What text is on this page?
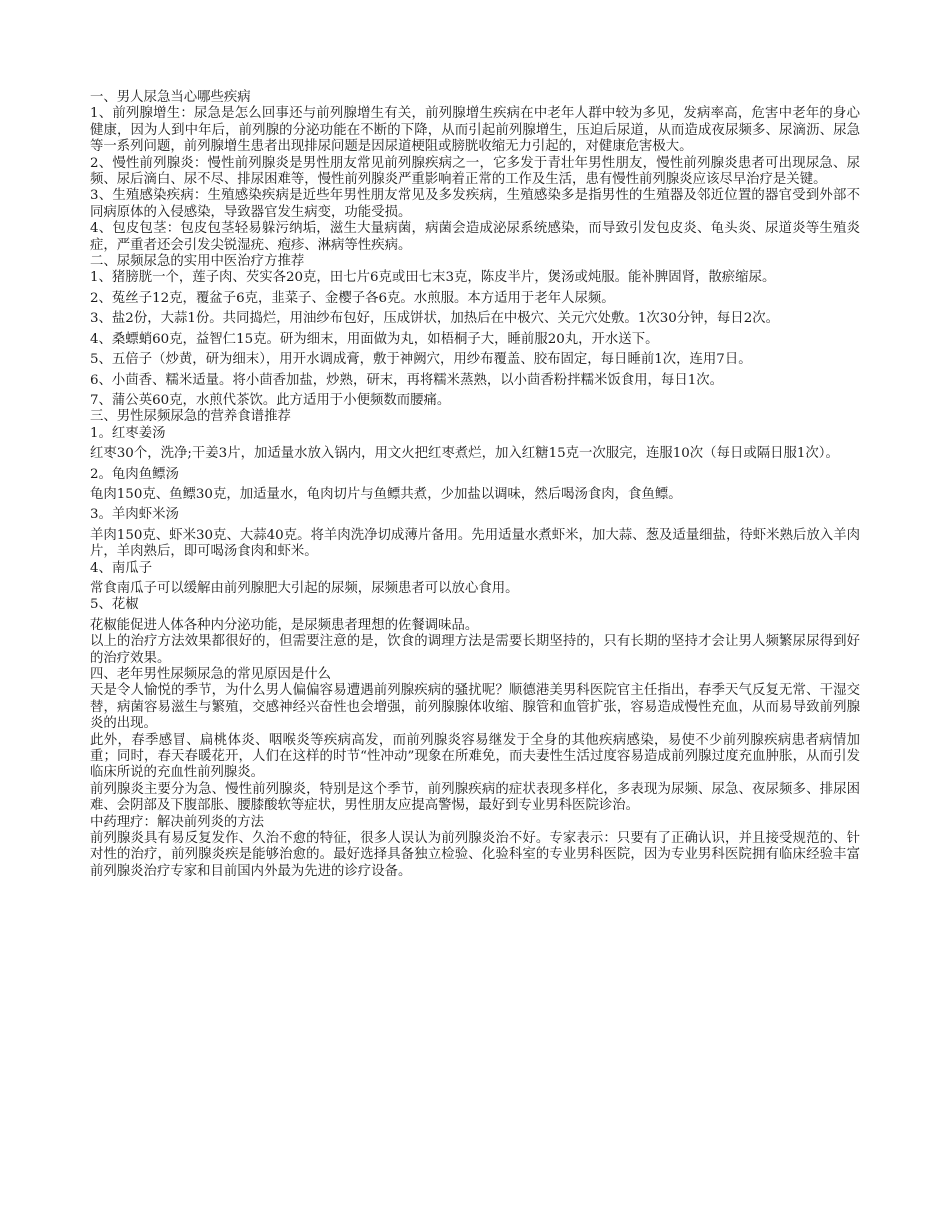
一、男人尿急当心哪些疾病

1、前列腺增生：尿急是怎么回事还与前列腺增生有关，前列腺增生疾病在中老年人群中较为多见，发病率高，危害中老年的身心健康，因为人到中年后，前列腺的分泌功能在不断的下降，从而引起前列腺增生，压迫后尿道，从而造成夜尿频多、尿滴沥、尿急等一系列问题，前列腺增生患者出现排尿问题是因尿道梗阻或膀胱收缩无力引起的，对健康危害极大。

2、慢性前列腺炎：慢性前列腺炎是男性朋友常见前列腺疾病之一，它多发于青壮年男性朋友，慢性前列腺炎患者可出现尿急、尿频、尿后滴白、尿不尽、排尿困难等，慢性前列腺炎严重影响着正常的工作及生活，患有慢性前列腺炎应该尽早治疗是关键。

3、生殖感染疾病：生殖感染疾病是近些年男性朋友常见及多发疾病，生殖感染多是指男性的生殖器及邻近位置的器官受到外部不同病原体的入侵感染，导致器官发生病变，功能受损。

4、包皮包茎：包皮包茎轻易躲污纳垢，滋生大量病菌，病菌会造成泌尿系统感染，而导致引发包皮炎、龟头炎、尿道炎等生殖炎症，严重者还会引发尖锐湿疣、疱疹、淋病等性疾病。

二、尿频尿急的实用中医治疗方推荐

1、猪膀胱一个，莲子肉、芡实各20克，田七片6克或田七末3克，陈皮半片，煲汤或炖服。能补脾固肾，散瘀缩尿。

2、菟丝子12克，覆盆子6克，韭菜子、金樱子各6克。水煎服。本方适用于老年人尿频。

3、盐2份，大蒜1份。共同捣烂，用油纱布包好，压成饼状，加热后在中极穴、关元穴处敷。1次30分钟，每日2次。

4、桑螵蛸60克，益智仁15克。研为细末，用面做为丸，如梧桐子大，睡前服20丸，开水送下。

5、五倍子（炒黄，研为细末），用开水调成膏，敷于神阙穴，用纱布覆盖、胶布固定，每日睡前1次，连用7日。

6、小茴香、糯米适量。将小茴香加盐，炒熟，研末，再将糯米蒸熟，以小茴香粉拌糯米饭食用，每日1次。

7、蒲公英60克，水煎代茶饮。此方适用于小便频数而腰痛。

三、男性尿频尿急的营养食谱推荐

1。红枣姜汤

红枣30个，洗净;干姜3片，加适量水放入锅内，用文火把红枣煮烂，加入红糖15克一次服完，连服10次（每日或隔日服1次）。

2。龟肉鱼鳔汤

龟肉150克、鱼鳔30克，加适量水，龟肉切片与鱼鳔共煮，少加盐以调味，然后喝汤食肉，食鱼鳔。

3。羊肉虾米汤

羊肉150克、虾米30克、大蒜40克。将羊肉洗净切成薄片备用。先用适量水煮虾米，加大蒜、葱及适量细盐，待虾米熟后放入羊肉片，羊肉熟后，即可喝汤食肉和虾米。

4、南瓜子

常食南瓜子可以缓解由前列腺肥大引起的尿频，尿频患者可以放心食用。

5、花椒

花椒能促进人体各种内分泌功能，是尿频患者理想的佐餐调味品。

以上的治疗方法效果都很好的，但需要注意的是，饮食的调理方法是需要长期坚持的，只有长期的坚持才会让男人频繁尿尿得到好的治疗效果。

四、老年男性尿频尿急的常见原因是什么

天是令人愉悦的季节，为什么男人偏偏容易遭遇前列腺疾病的骚扰呢？顺德港美男科医院官主任指出，春季天气反复无常、干湿交替，病菌容易滋生与繁殖，交感神经兴奋性也会增强，前列腺腺体收缩、腺管和血管扩张，容易造成慢性充血，从而易导致前列腺炎的出现。

此外，春季感冒、扁桃体炎、咽喉炎等疾病高发，而前列腺炎容易继发于全身的其他疾病感染，易使不少前列腺疾病患者病情加重；同时，春天春暖花开，人们在这样的时节“性冲动”现象在所难免，而夫妻性生活过度容易造成前列腺过度充血肿胀，从而引发临床所说的充血性前列腺炎。

前列腺炎主要分为急、慢性前列腺炎，特别是这个季节，前列腺疾病的症状表现多样化，多表现为尿频、尿急、夜尿频多、排尿困难、会阴部及下腹部胀、腰膝酸软等症状，男性朋友应提高警惕，最好到专业男科医院诊治。

中药理疗：解决前列炎的方法

前列腺炎具有易反复发作、久治不愈的特征，很多人误认为前列腺炎治不好。专家表示：只要有了正确认识，并且接受规范的、针对性的治疗，前列腺炎疾是能够治愈的。最好选择具备独立检验、化验科室的专业男科医院，因为专业男科医院拥有临床经验丰富前列腺炎治疗专家和目前国内外最为先进的诊疗设备。
